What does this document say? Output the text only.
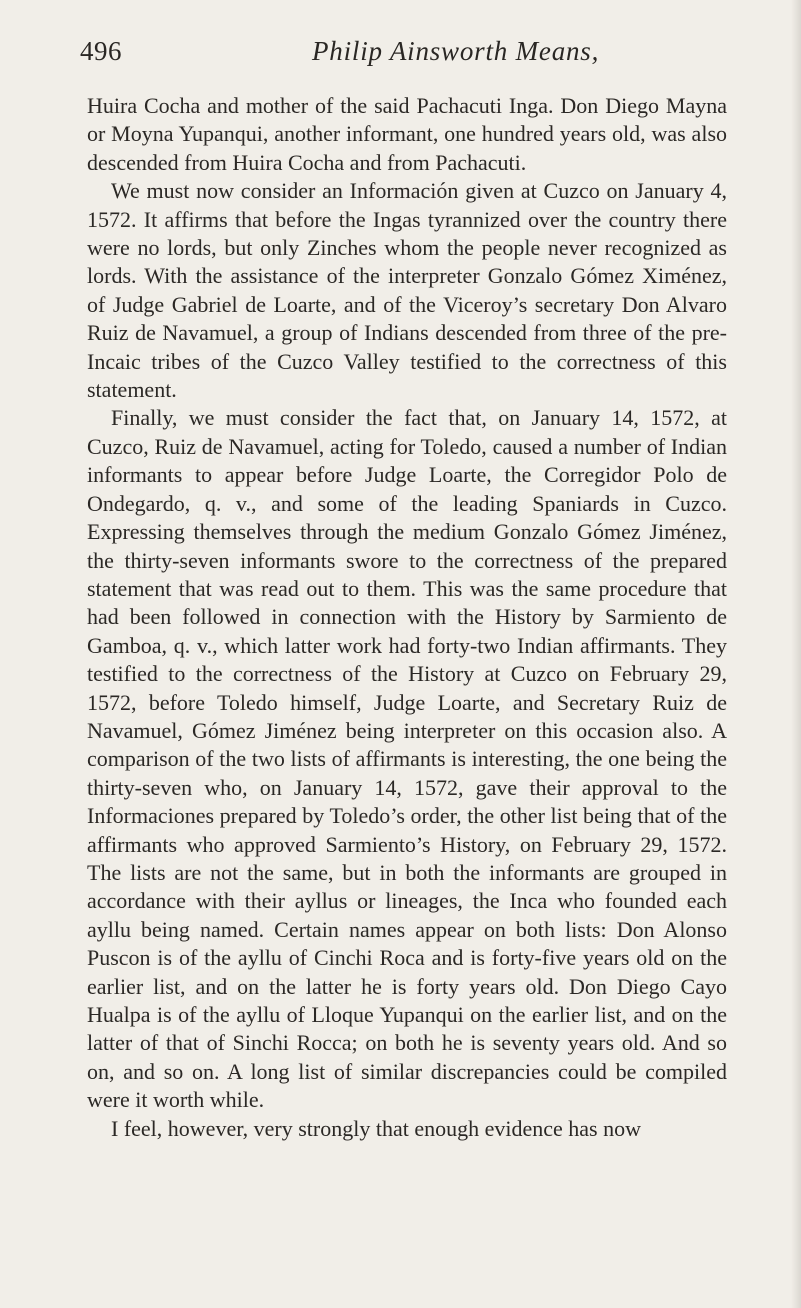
496	Philip Ainsworth Means,

Huira Cocha and mother of the said Pachacuti Inga. Don Diego Mayna or Moyna Yupanqui, another informant, one hundred years old, was also descended from Huira Cocha and from Pachacuti.

We must now consider an Información given at Cuzco on January 4, 1572. It affirms that before the Ingas tyrannized over the country there were no lords, but only Zinches whom the people never recognized as lords. With the assistance of the interpreter Gonzalo Gómez Ximénez, of Judge Gabriel de Loarte, and of the Viceroy’s secretary Don Alvaro Ruiz de Navamuel, a group of Indians descended from three of the pre-Incaic tribes of the Cuzco Valley testified to the correctness of this statement.

Finally, we must consider the fact that, on January 14, 1572, at Cuzco, Ruiz de Navamuel, acting for Toledo, caused a number of Indian informants to appear before Judge Loarte, the Corregidor Polo de Ondegardo, q. v., and some of the leading Spaniards in Cuzco. Expressing themselves through the medium Gonzalo Gómez Jiménez, the thirty-seven informants swore to the correctness of the prepared statement that was read out to them. This was the same procedure that had been followed in connection with the History by Sarmiento de Gamboa, q. v., which latter work had forty-two Indian affirmants. They testified to the correctness of the History at Cuzco on February 29, 1572, before Toledo himself, Judge Loarte, and Secretary Ruiz de Navamuel, Gómez Jiménez being interpreter on this occasion also. A comparison of the two lists of affirmants is interesting, the one being the thirty-seven who, on January 14, 1572, gave their approval to the Informaciones prepared by Toledo’s order, the other list being that of the affirmants who approved Sarmiento’s History, on February 29, 1572. The lists are not the same, but in both the informants are grouped in accordance with their ayllus or lineages, the Inca who founded each ayllu being named. Certain names appear on both lists: Don Alonso Puscon is of the ayllu of Cinchi Roca and is forty-five years old on the earlier list, and on the latter he is forty years old. Don Diego Cayo Hualpa is of the ayllu of Lloque Yupanqui on the earlier list, and on the latter of that of Sinchi Rocca; on both he is seventy years old. And so on, and so on. A long list of similar discrepancies could be compiled were it worth while.

I feel, however, very strongly that enough evidence has now
